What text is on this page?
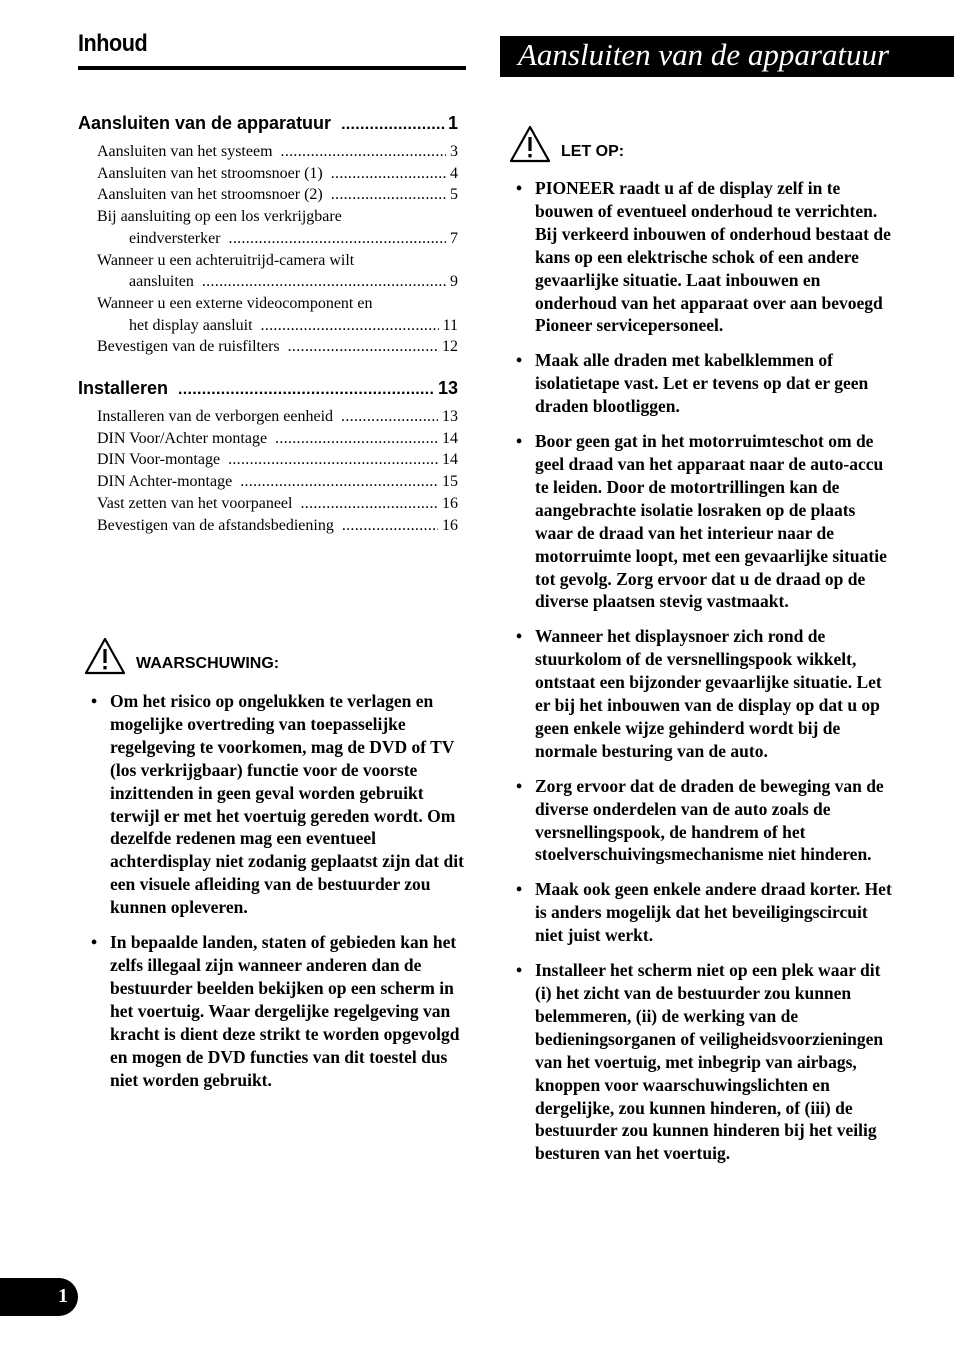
Inhoud	Aansluiten van de apparatuur
Aansluiten van de apparatuur .....	1
Aansluiten van het systeem .....	3
Aansluiten van het stroomsnoer (1) .....	4
Aansluiten van het stroomsnoer (2) .....	5
Bij aansluiting op een los verkrijgbare
eindversterker .....	7
Wanneer u een achteruitrijd-camera wilt
aansluiten .....	9
Wanneer u een externe videocomponent en
het display aansluit .....	11
Bevestigen van de ruisfilters .....	12
Installeren .....	13
Installeren van de verborgen eenheid .....	13
DIN Voor/Achter montage .....	14
DIN Voor-montage .....	14
DIN Achter-montage .....	15
Vast zetten van het voorpaneel .....	16
Bevestigen van de afstandsbediening .....	16
WAARSCHUWING:
• Om het risico op ongelukken te verlagen en mogelijke overtreding van toepasselijke regelgeving te voorkomen, mag de DVD of TV (los verkrijgbaar) functie voor de voorste inzittenden in geen geval worden gebruikt terwijl er met het voertuig gereden wordt. Om dezelfde redenen mag een eventueel achterdisplay niet zodanig geplaatst zijn dat dit een visuele afleiding van de bestuurder zou kunnen opleveren.
• In bepaalde landen, staten of gebieden kan het zelfs illegaal zijn wanneer anderen dan de bestuurder beelden bekijken op een scherm in het voertuig. Waar dergelijke regelgeving van kracht is dient deze strikt te worden opgevolgd en mogen de DVD functies van dit toestel dus niet worden gebruikt.
LET OP:
• PIONEER raadt u af de display zelf in te bouwen of eventueel onderhoud te verrichten. Bij verkeerd inbouwen of onderhoud bestaat de kans op een elektrische schok of een andere gevaarlijke situatie. Laat inbouwen en onderhoud van het apparaat over aan bevoegd Pioneer servicepersoneel.
• Maak alle draden met kabelklemmen of isolatietape vast. Let er tevens op dat er geen draden blootliggen.
• Boor geen gat in het motorruimteschot om de geel draad van het apparaat naar de auto-accu te leiden. Door de motortrillingen kan de aangebrachte isolatie losraken op de plaats waar de draad van het interieur naar de motorruimte loopt, met een gevaarlijke situatie tot gevolg. Zorg ervoor dat u de draad op de diverse plaatsen stevig vastmaakt.
• Wanneer het displaysnoer zich rond de stuurkolom of de versnellingspook wikkelt, ontstaat een bijzonder gevaarlijke situatie. Let er bij het inbouwen van de display op dat u op geen enkele wijze gehinderd wordt bij de normale besturing van de auto.
• Zorg ervoor dat de draden de beweging van de diverse onderdelen van de auto zoals de versnellingspook, de handrem of het stoelverschuivingsmechanisme niet hinderen.
• Maak ook geen enkele andere draad korter. Het is anders mogelijk dat het beveiligingscircuit niet juist werkt.
• Installeer het scherm niet op een plek waar dit (i) het zicht van de bestuurder zou kunnen belemmeren, (ii) de werking van de bedieningsorganen of veiligheidsvoorzieningen van het voertuig, met inbegrip van airbags, knoppen voor waarschuwingslichten en dergelijke, zou kunnen hinderen, of (iii) de bestuurder zou kunnen hinderen bij het veilig besturen van het voertuig.
1
